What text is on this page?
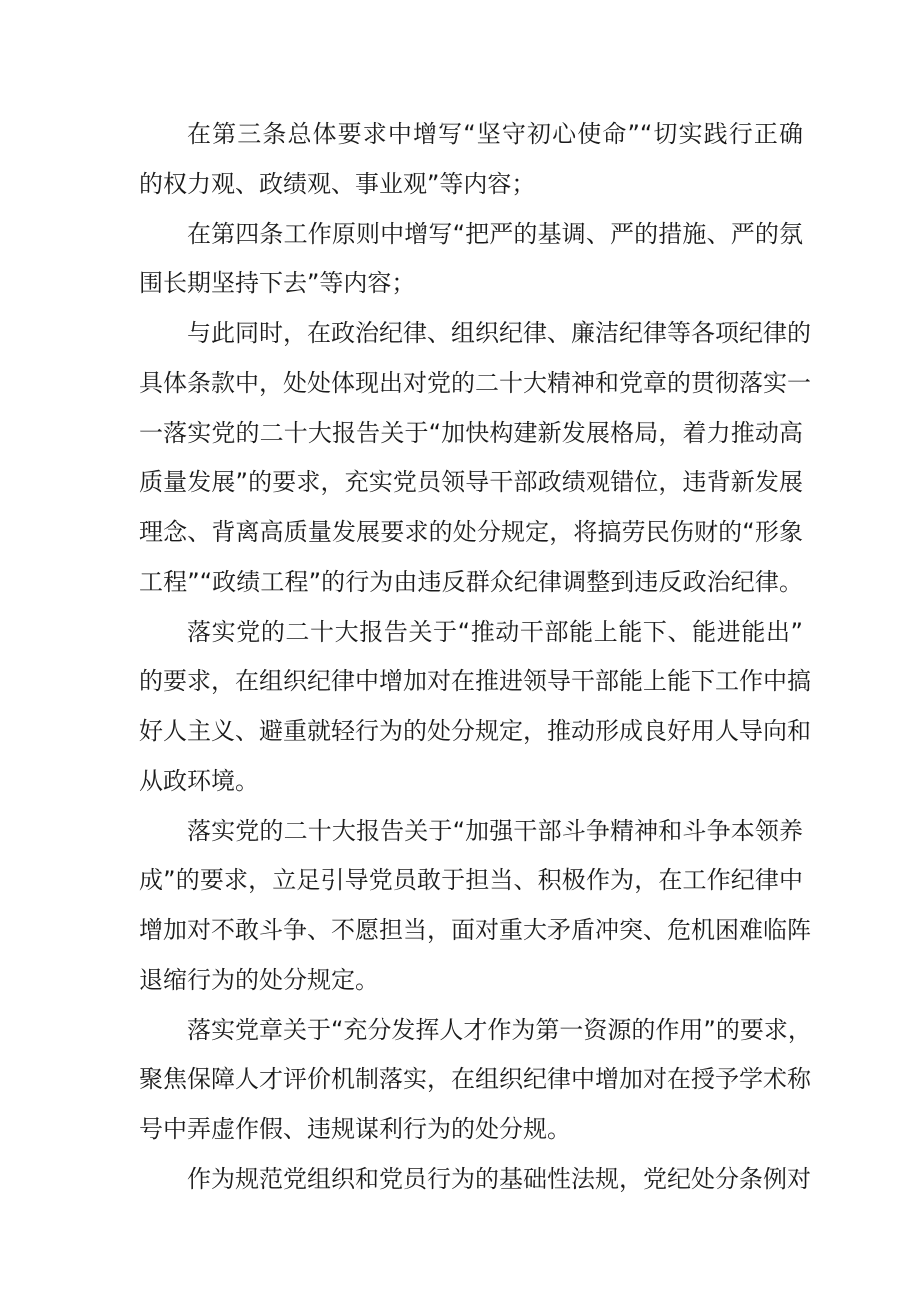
在第三条总体要求中增写“坚守初心使命”“切实践行正确
的权力观、政绩观、事业观”等内容；
在第四条工作原则中增写“把严的基调、严的措施、严的氛
围长期坚持下去”等内容；
与此同时，在政治纪律、组织纪律、廉洁纪律等各项纪律的
具体条款中，处处体现出对党的二十大精神和党章的贯彻落实一
一落实党的二十大报告关于“加快构建新发展格局，着力推动高
质量发展”的要求，充实党员领导干部政绩观错位，违背新发展
理念、背离高质量发展要求的处分规定，将搞劳民伤财的“形象
工程”“政绩工程”的行为由违反群众纪律调整到违反政治纪律。
落实党的二十大报告关于“推动干部能上能下、能进能出”
的要求，在组织纪律中增加对在推进领导干部能上能下工作中搞
好人主义、避重就轻行为的处分规定，推动形成良好用人导向和
从政环境。
落实党的二十大报告关于“加强干部斗争精神和斗争本领养
成”的要求，立足引导党员敢于担当、积极作为，在工作纪律中
增加对不敢斗争、不愿担当，面对重大矛盾冲突、危机困难临阵
退缩行为的处分规定。
落实党章关于“充分发挥人才作为第一资源的作用”的要求，
聚焦保障人才评价机制落实，在组织纪律中增加对在授予学术称
号中弄虚作假、违规谋利行为的处分规。
作为规范党组织和党员行为的基础性法规，党纪处分条例对
